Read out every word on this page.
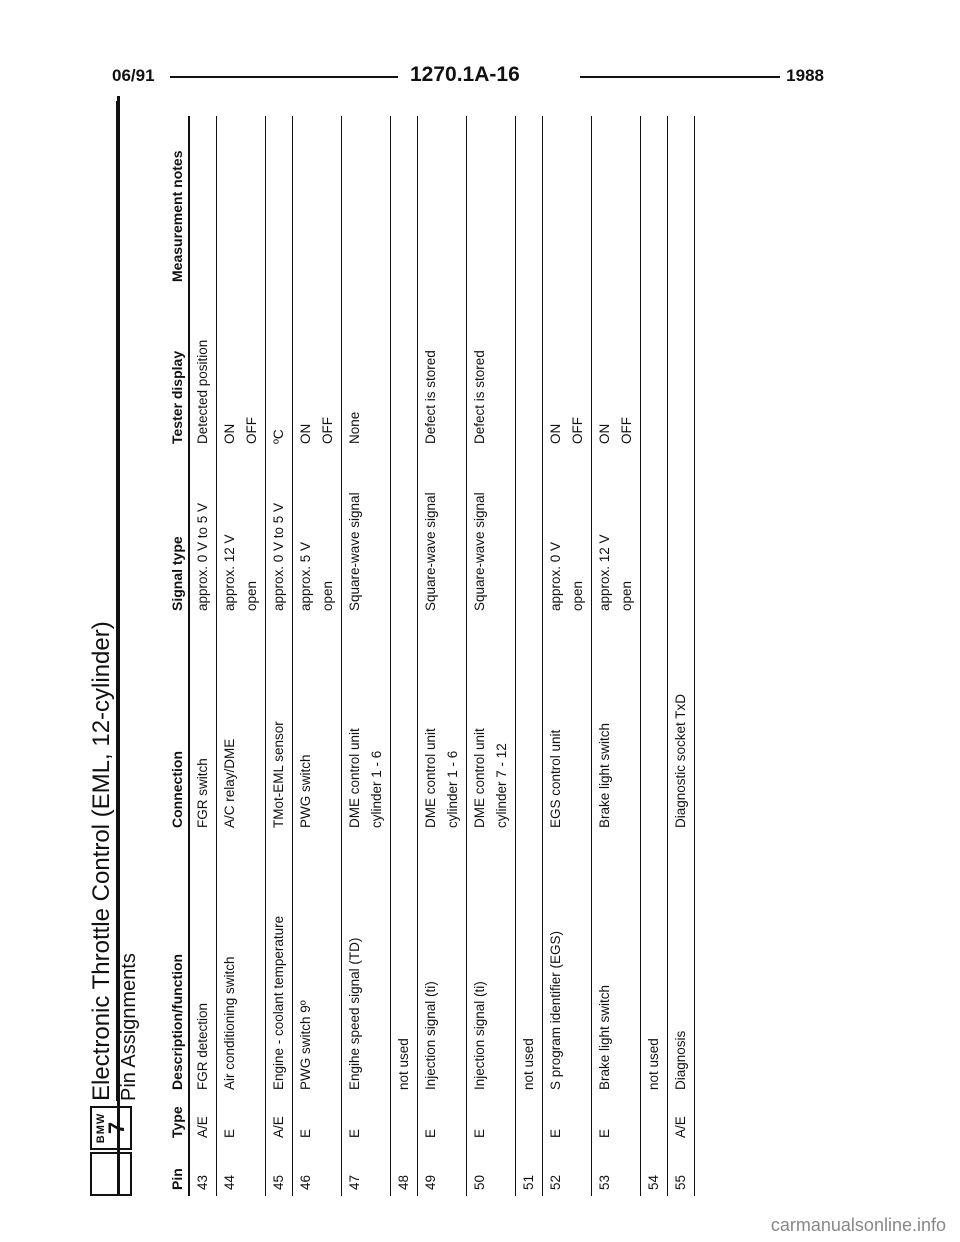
06/91	1270.1A-16	1988
BMW
7
Electronic Throttle Control (EML, 12-cylinder) Pin Assignments
Pin	Type	Description/function	Connection	Signal type	Tester display	Measurement notes

43	A/E	FGR detection	FGR switch	approx. 0 V to 5 V	Detected position	

44	E	Air conditioning switch	A/C relay/DME	approx. 12 V open	ON OFF	

45	A/E	Engine - coolant temperature	TMot-EML sensor	approx. 0 V to 5 V	ºC	

46	E	PWG switch 9º	PWG switch	approx. 5 V open	ON OFF	

47	E	Engihe speed signal (TD)	DME control unit cylinder 1 - 6	Square-wave signal	None	

48		not used				

49	E	Injection signal (ti)	DME control unit cylinder 1 - 6	Square-wave signal	Defect is stored	

50	E	Injection signal (ti)	DME control unit cylinder 7 - 12	Square-wave signal	Defect is stored	

51		not used				

52	E	S program identifier (EGS)	EGS control unit	approx. 0 V open	ON OFF	

53	E	Brake light switch	Brake light switch	approx. 12 V open	ON OFF	

54		not used				

55	A/E	Diagnosis	Diagnostic socket TxD			

carmanualsonline.info
